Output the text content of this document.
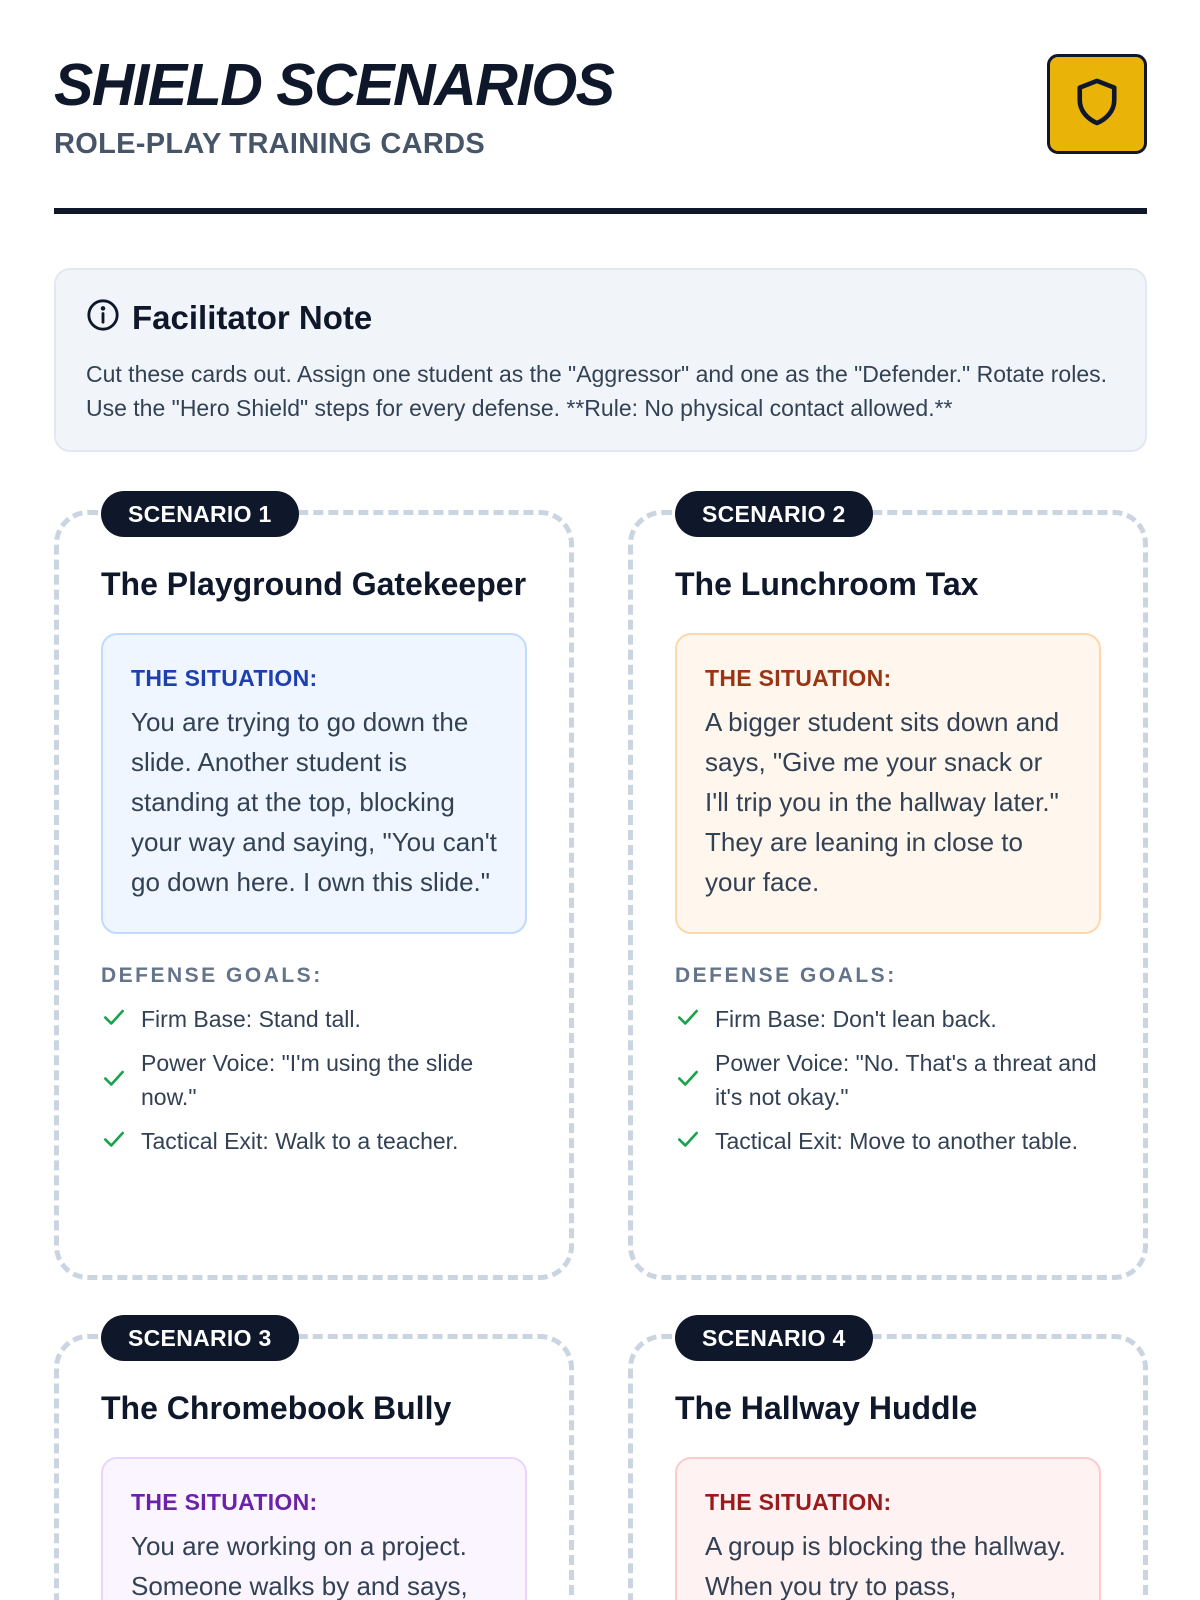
SHIELD SCENARIOS
ROLE-PLAY TRAINING CARDS
Facilitator Note
Cut these cards out. Assign one student as the "Aggressor" and one as the "Defender." Rotate roles. Use the "Hero Shield" steps for every defense. **Rule: No physical contact allowed.**
SCENARIO 1
The Playground Gatekeeper
THE SITUATION:
You are trying to go down the slide. Another student is standing at the top, blocking your way and saying, "You can't go down here. I own this slide."
DEFENSE GOALS:
Firm Base: Stand tall.
Power Voice: "I'm using the slide now."
Tactical Exit: Walk to a teacher.
SCENARIO 2
The Lunchroom Tax
THE SITUATION:
A bigger student sits down and says, "Give me your snack or I'll trip you in the hallway later." They are leaning in close to your face.
DEFENSE GOALS:
Firm Base: Don't lean back.
Power Voice: "No. That's a threat and it's not okay."
Tactical Exit: Move to another table.
SCENARIO 3
The Chromebook Bully
THE SITUATION:
You are working on a project. Someone walks by and says,
SCENARIO 4
The Hallway Huddle
THE SITUATION:
A group is blocking the hallway. When you try to pass,
